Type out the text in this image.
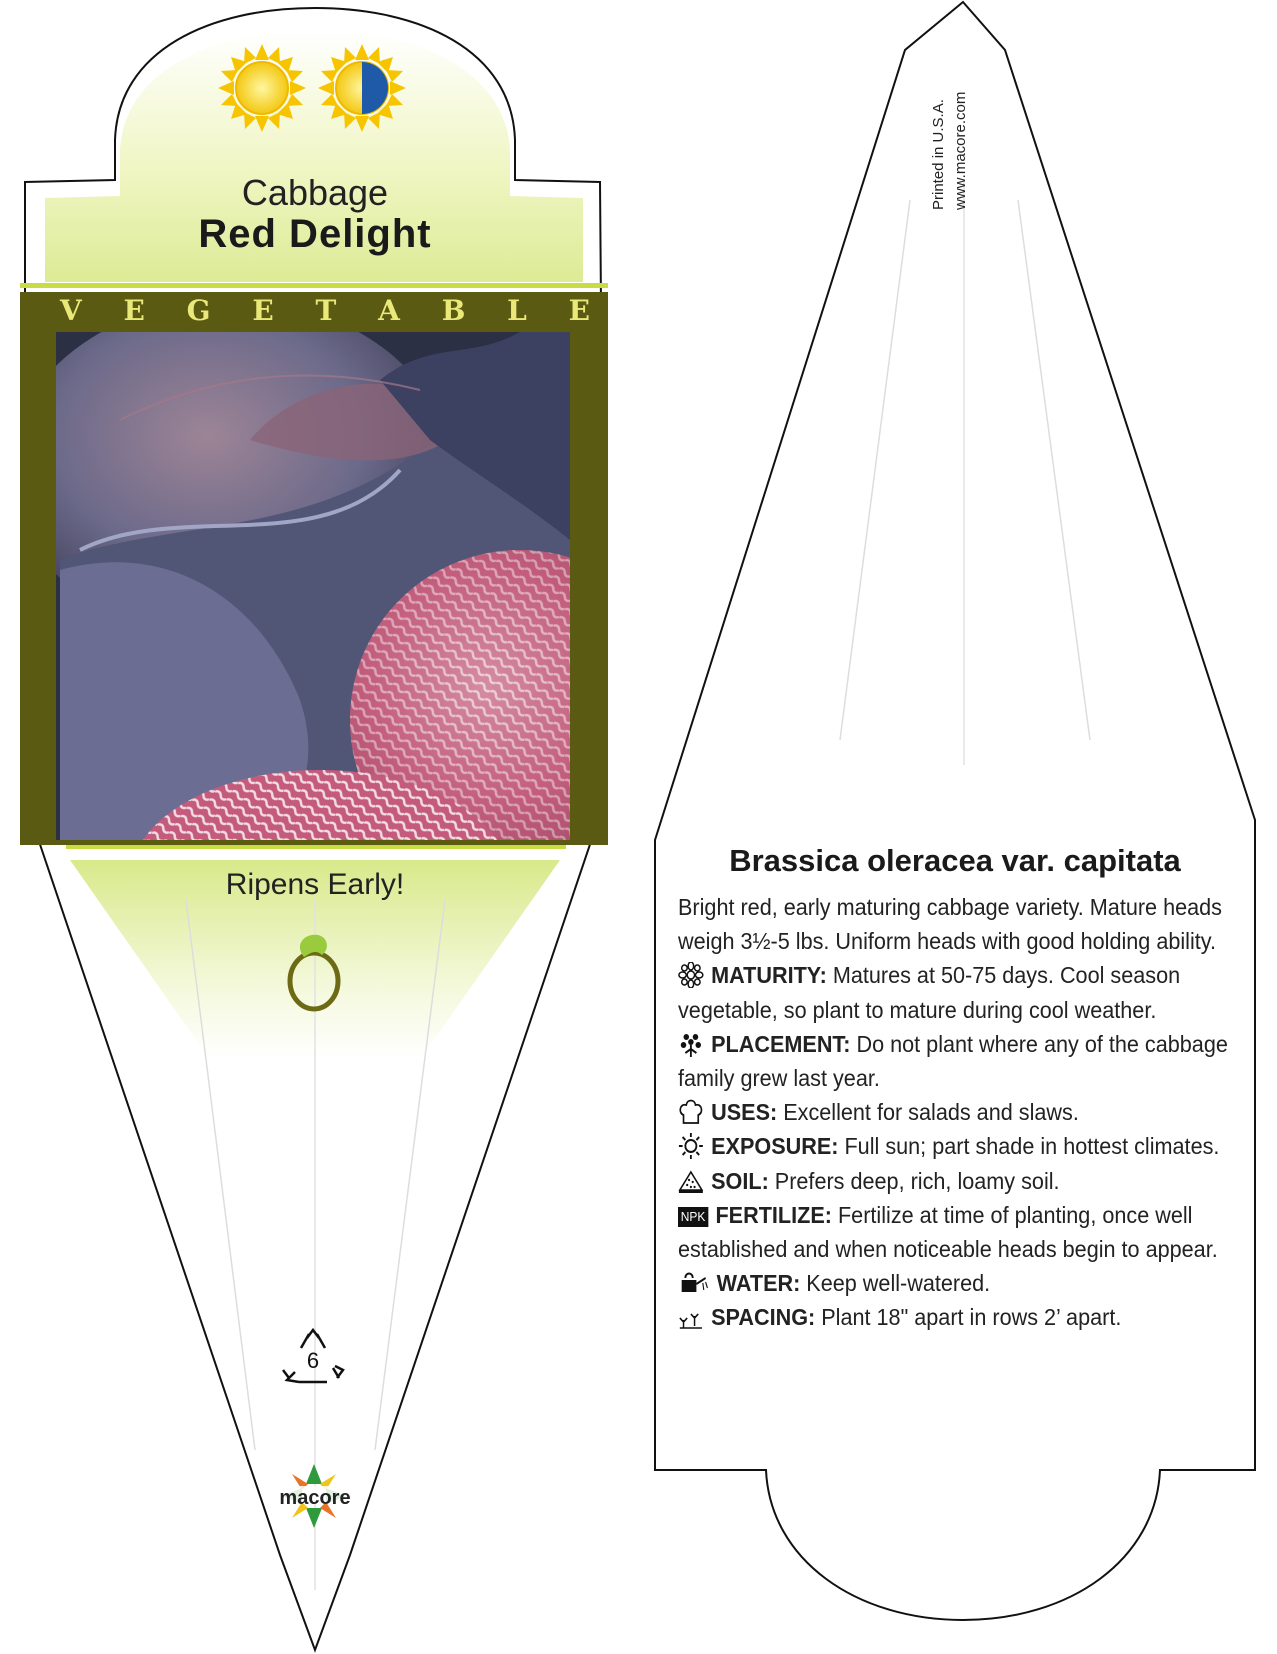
Cabbage
Red Delight
V E G E T A B L E
Ripens Early!
6
macore
Printed in U.S.A. www.macore.com
Brassica oleracea var. capitata

Bright red, early maturing cabbage variety. Mature heads weigh 3½-5 lbs. Uniform heads with good holding ability.

MATURITY: Matures at 50-75 days. Cool season vegetable, so plant to mature during cool weather.

PLACEMENT: Do not plant where any of the cabbage family grew last year.

USES: Excellent for salads and slaws.

EXPOSURE: Full sun; part shade in hottest climates.

SOIL: Prefers deep, rich, loamy soil.

NPK FERTILIZE: Fertilize at time of planting, once well established and when noticeable heads begin to appear.

WATER: Keep well-watered.

SPACING: Plant 18" apart in rows 2’ apart.
